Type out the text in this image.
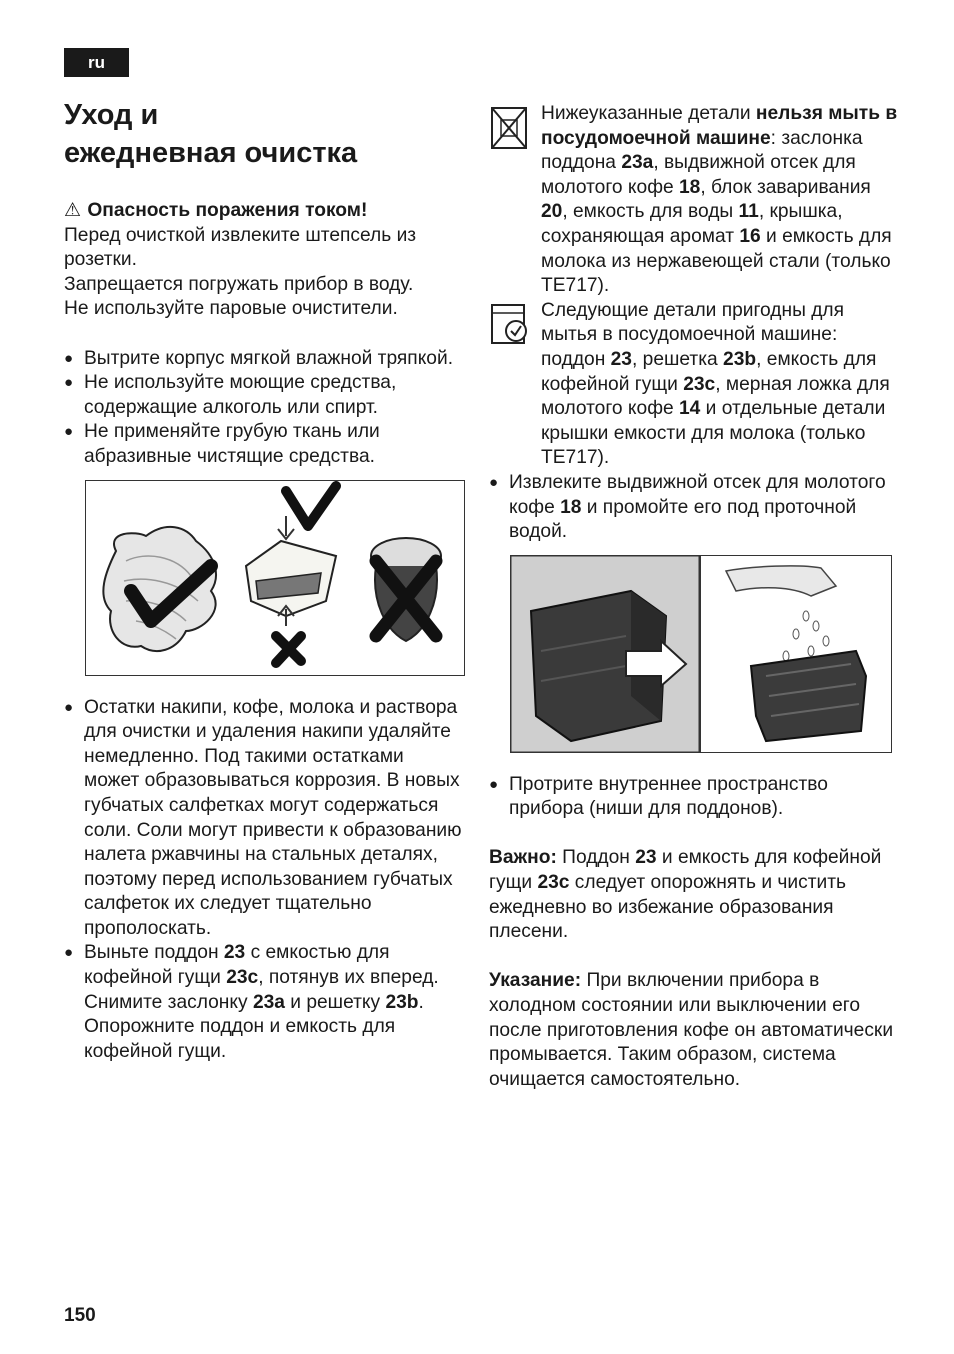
ru
Уход и
ежедневная очистка

⚠ Опасность поражения током!

Перед очисткой извлеките штепсель из розетки.

Запрещается погружать прибор в воду.

Не используйте паровые очистители.

● Вытрите корпус мягкой влажной тряпкой.
● Не используйте моющие средства, содержащие алкоголь или спирт.
● Не применяйте грубую ткань или абразивные чистящие средства.
● Остатки накипи, кофе, молока и раствора для очистки и удаления накипи удаляйте немедленно. Под такими остатками может образовываться коррозия. В новых губчатых салфетках могут содержаться соли. Соли могут привести к образованию налета ржавчины на стальных деталях, поэтому перед использованием губчатых салфеток их следует тщательно прополоскать.
● Выньте поддон 23 с емкостью для кофейной гущи 23c, потянув их вперед. Снимите заслонку 23a и решетку 23b. Опорожните поддон и емкость для кофейной гущи.

Нижеуказанные детали нельзя мыть в посудомоечной машине: заслонка поддона 23a, выдвижной отсек для молотого кофе 18, блок заваривания 20, емкость для воды 11, крышка, сохраняющая аромат 16 и емкость для молока из нержавеющей стали (только TE717).

Следующие детали пригодны для мытья в посудомоечной машине: поддон 23, решетка 23b, емкость для кофейной гущи 23c, мерная ложка для молотого кофе 14 и отдельные детали крышки емкости для молока (только TE717).

● Извлеките выдвижной отсек для молотого кофе 18 и промойте его под проточной водой.
● Протрите внутреннее пространство прибора (ниши для поддонов).

Важно: Поддон 23 и емкость для кофейной гущи 23c следует опорожнять и чистить ежедневно во избежание образования плесени.

Указание: При включении прибора в холодном состоянии или выключении его после приготовления кофе он автоматически промывается. Таким образом, система очищается самостоятельно.

150
